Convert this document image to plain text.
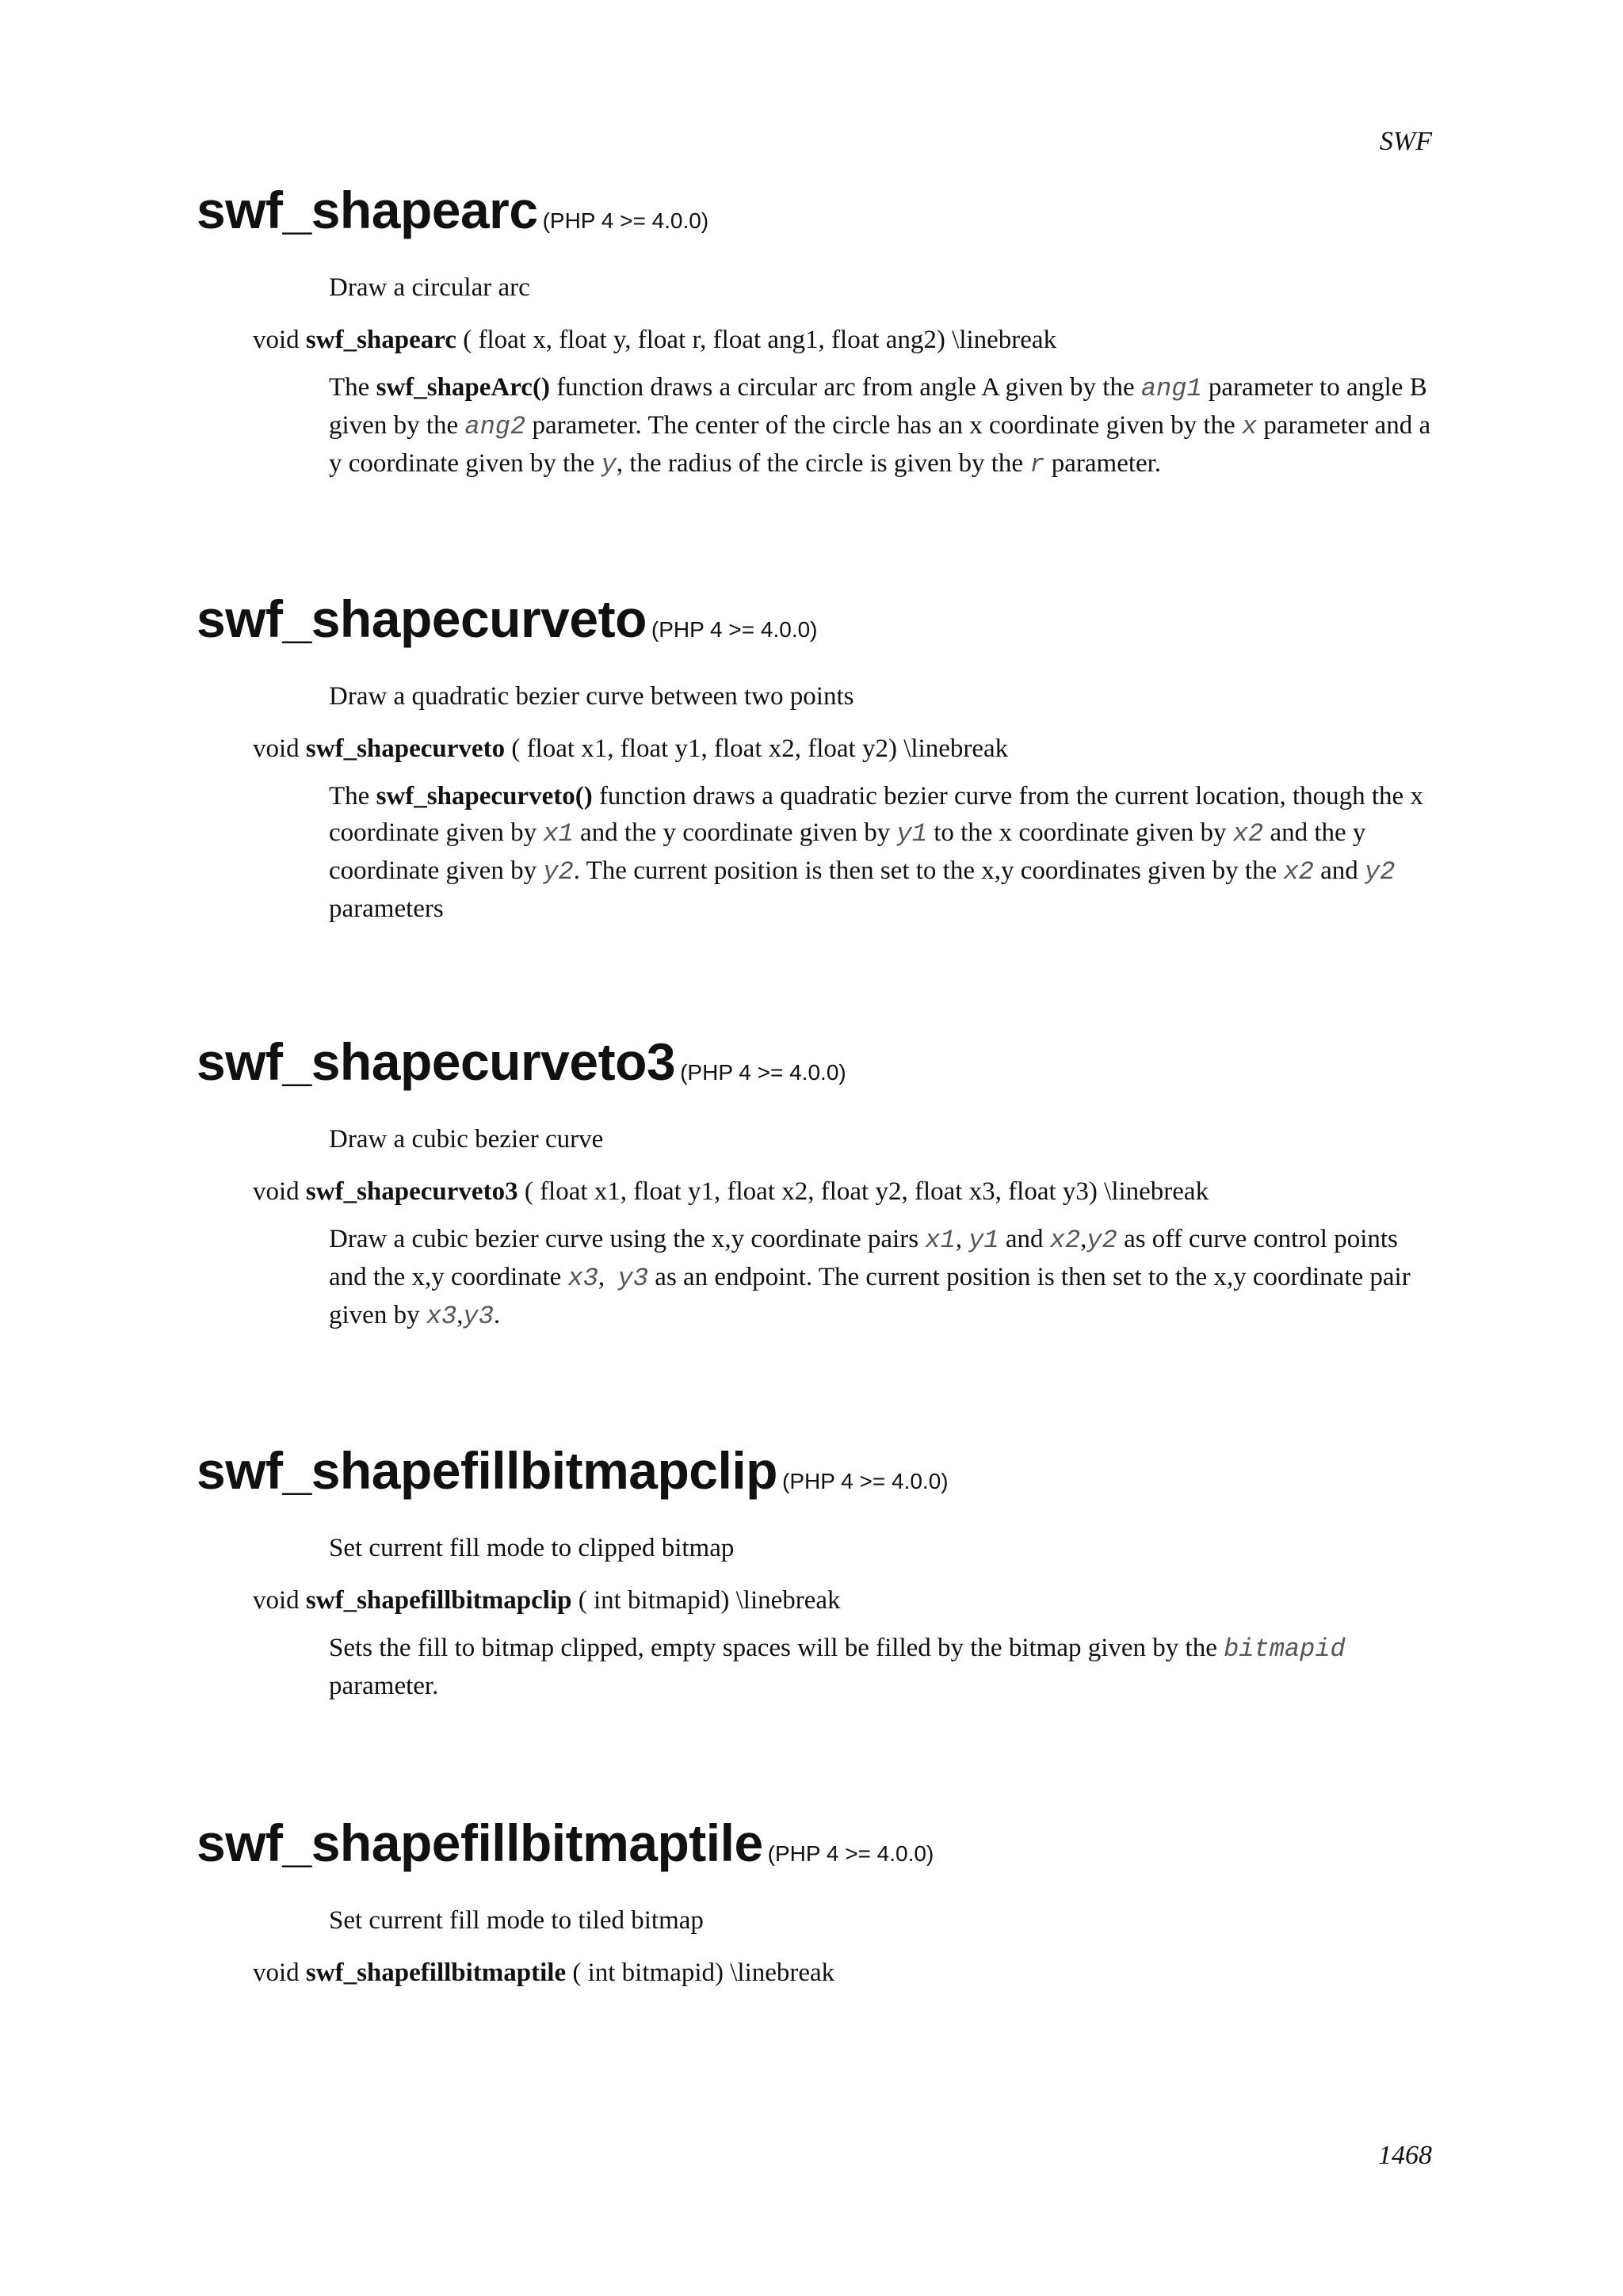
SWF
swf_shapearc (PHP 4 >= 4.0.0)
Draw a circular arc
void swf_shapearc ( float x, float y, float r, float ang1, float ang2) \linebreak
The swf_shapeArc() function draws a circular arc from angle A given by the ang1 parameter to angle B given by the ang2 parameter. The center of the circle has an x coordinate given by the x parameter and a y coordinate given by the y, the radius of the circle is given by the r parameter.
swf_shapecurveto (PHP 4 >= 4.0.0)
Draw a quadratic bezier curve between two points
void swf_shapecurveto ( float x1, float y1, float x2, float y2) \linebreak
The swf_shapecurveto() function draws a quadratic bezier curve from the current location, though the x coordinate given by x1 and the y coordinate given by y1 to the x coordinate given by x2 and the y coordinate given by y2. The current position is then set to the x,y coordinates given by the x2 and y2 parameters
swf_shapecurveto3 (PHP 4 >= 4.0.0)
Draw a cubic bezier curve
void swf_shapecurveto3 ( float x1, float y1, float x2, float y2, float x3, float y3) \linebreak
Draw a cubic bezier curve using the x,y coordinate pairs x1, y1 and x2,y2 as off curve control points and the x,y coordinate x3,  y3 as an endpoint. The current position is then set to the x,y coordinate pair given by x3,y3.
swf_shapefillbitmapclip (PHP 4 >= 4.0.0)
Set current fill mode to clipped bitmap
void swf_shapefillbitmapclip ( int bitmapid) \linebreak
Sets the fill to bitmap clipped, empty spaces will be filled by the bitmap given by the bitmapid parameter.
swf_shapefillbitmaptile (PHP 4 >= 4.0.0)
Set current fill mode to tiled bitmap
void swf_shapefillbitmaptile ( int bitmapid) \linebreak
1468
